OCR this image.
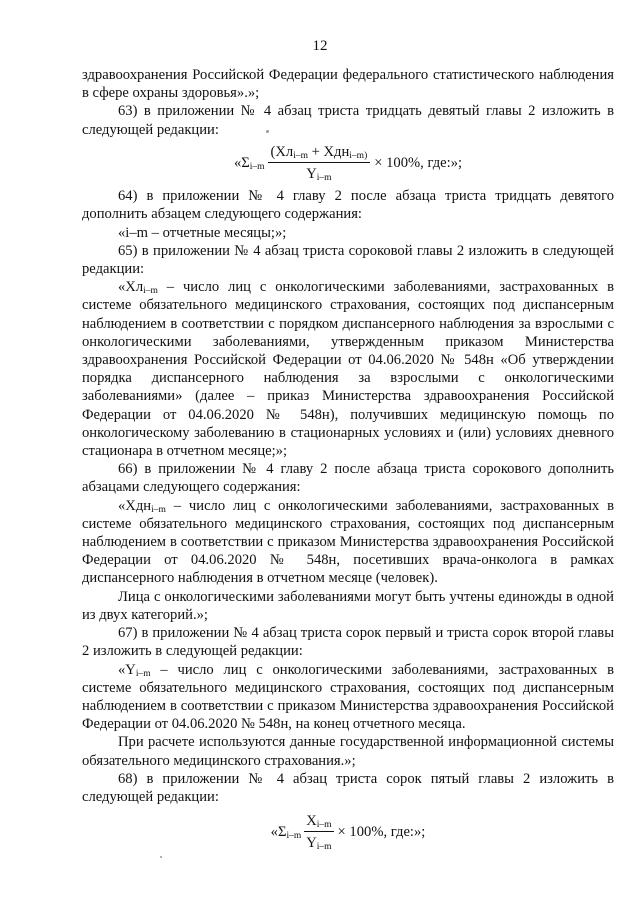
12

здравоохранения Российской Федерации федерального статистического наблюдения в сфере охраны здоровья».»;

63) в приложении № 4 абзац триста тридцать девятый главы 2 изложить в следующей редакции:

«$\Sigma_{i-m} \frac{(Хл_{i-m} + Хдн_{i-m)}}{Y_{i-m}} \times 100\%$, где:»;

64) в приложении № 4 главу 2 после абзаца триста тридцать девятого дополнить абзацем следующего содержания:

«i–m – отчетные месяцы;»;

65) в приложении № 4 абзац триста сороковой главы 2 изложить в следующей редакции:

«$Хл_{i-m}$ – число лиц с онкологическими заболеваниями, застрахованных в системе обязательного медицинского страхования, состоящих под диспансерным наблюдением в соответствии с порядком диспансерного наблюдения за взрослыми с онкологическими заболеваниями, утвержденным приказом Министерства здравоохранения Российской Федерации от 04.06.2020 № 548н «Об утверждении порядка диспансерного наблюдения за взрослыми с онкологическими заболеваниями» (далее – приказ Министерства здравоохранения Российской Федерации от 04.06.2020 № 548н), получивших медицинскую помощь по онкологическому заболеванию в стационарных условиях и (или) условиях дневного стационара в отчетном месяце;»;

66) в приложении № 4 главу 2 после абзаца триста сорокового дополнить абзацами следующего содержания:

«Хдн$_{i-m}$ – число лиц с онкологическими заболеваниями, застрахованных в системе обязательного медицинского страхования, состоящих под диспансерным наблюдением в соответствии с приказом Министерства здравоохранения Российской Федерации от 04.06.2020 № 548н, посетивших врача-онколога в рамках диспансерного наблюдения в отчетном месяце (человек).

Лица с онкологическими заболеваниями могут быть учтены единожды в одной из двух категорий.»;

67) в приложении № 4 абзац триста сорок первый и триста сорок второй главы 2 изложить в следующей редакции:

«$Y_{i-m}$ – число лиц с онкологическими заболеваниями, застрахованных в системе обязательного медицинского страхования, состоящих под диспансерным наблюдением в соответствии с приказом Министерства здравоохранения Российской Федерации от 04.06.2020 № 548н, на конец отчетного месяца.

При расчете используются данные государственной информационной системы обязательного медицинского страхования.»;

68) в приложении № 4 абзац триста сорок пятый главы 2 изложить в следующей редакции:

«$\Sigma_{i-m} \frac{X_{i-m}}{Y_{i-m}} \times 100\%$, где:»;
